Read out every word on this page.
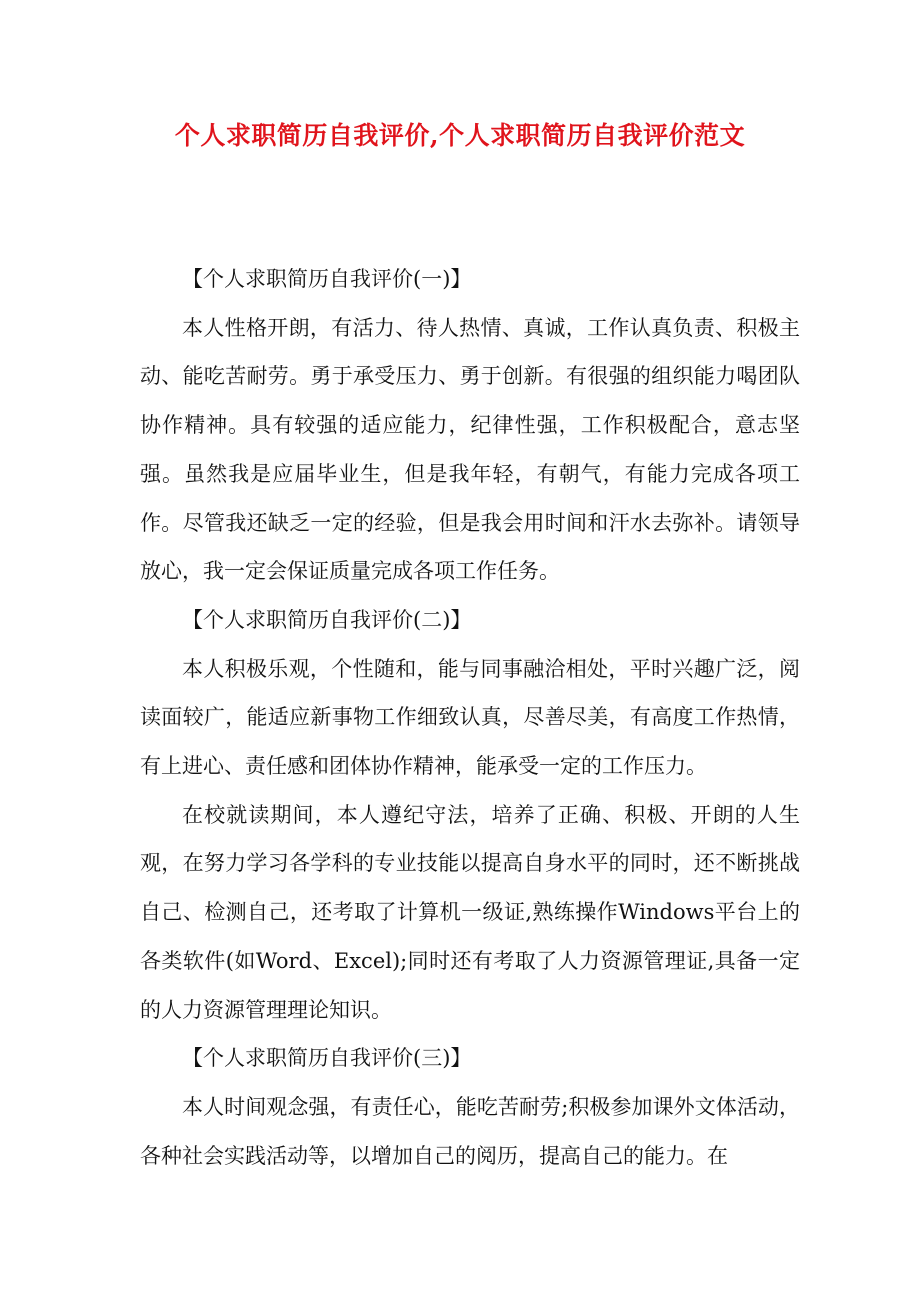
个人求职简历自我评价,个人求职简历自我评价范文

【个人求职简历自我评价(一)】

本人性格开朗，有活力、待人热情、真诚，工作认真负责、积极主动、能吃苦耐劳。勇于承受压力、勇于创新。有很强的组织能力喝团队协作精神。具有较强的适应能力，纪律性强，工作积极配合，意志坚强。虽然我是应届毕业生，但是我年轻，有朝气，有能力完成各项工作。尽管我还缺乏一定的经验，但是我会用时间和汗水去弥补。请领导放心，我一定会保证质量完成各项工作任务。

【个人求职简历自我评价(二)】

本人积极乐观，个性随和，能与同事融洽相处，平时兴趣广泛，阅读面较广，能适应新事物工作细致认真，尽善尽美，有高度工作热情，有上进心、责任感和团体协作精神，能承受一定的工作压力。

在校就读期间，本人遵纪守法，培养了正确、积极、开朗的人生观，在努力学习各学科的专业技能以提高自身水平的同时，还不断挑战自己、检测自己，还考取了计算机一级证,熟练操作Windows平台上的各类软件(如Word、Excel);同时还有考取了人力资源管理证,具备一定的人力资源管理理论知识。

【个人求职简历自我评价(三)】

本人时间观念强，有责任心，能吃苦耐劳;积极参加课外文体活动，各种社会实践活动等，以增加自己的阅历，提高自己的能力。在
